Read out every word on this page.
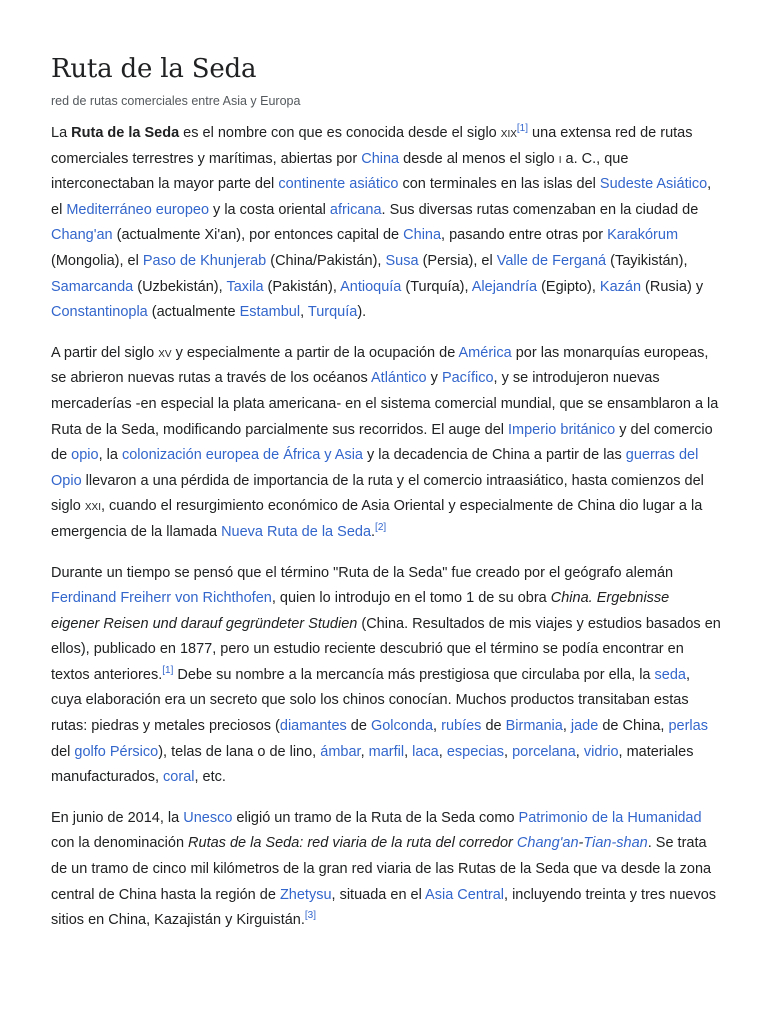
Ruta de la Seda
red de rutas comerciales entre Asia y Europa

La Ruta de la Seda es el nombre con que es conocida desde el siglo xix[1] una extensa red de rutas comerciales terrestres y marítimas, abiertas por China desde al menos el siglo i a. C., que interconectaban la mayor parte del continente asiático con terminales en las islas del Sudeste Asiático, el Mediterráneo europeo y la costa oriental africana. Sus diversas rutas comenzaban en la ciudad de Chang'an (actualmente Xi'an), por entonces capital de China, pasando entre otras por Karakórum (Mongolia), el Paso de Khunjerab (China/Pakistán), Susa (Persia), el Valle de Ferganá (Tayikistán), Samarcanda (Uzbekistán), Taxila (Pakistán), Antioquía (Turquía), Alejandría (Egipto), Kazán (Rusia) y Constantinopla (actualmente Estambul, Turquía).

A partir del siglo xv y especialmente a partir de la ocupación de América por las monarquías europeas, se abrieron nuevas rutas a través de los océanos Atlántico y Pacífico, y se introdujeron nuevas mercaderías -en especial la plata americana- en el sistema comercial mundial, que se ensamblaron a la Ruta de la Seda, modificando parcialmente sus recorridos. El auge del Imperio británico y del comercio de opio, la colonización europea de África y Asia y la decadencia de China a partir de las guerras del Opio llevaron a una pérdida de importancia de la ruta y el comercio intraasiático, hasta comienzos del siglo xxi, cuando el resurgimiento económico de Asia Oriental y especialmente de China dio lugar a la emergencia de la llamada Nueva Ruta de la Seda.[2]

Durante un tiempo se pensó que el término "Ruta de la Seda" fue creado por el geógrafo alemán Ferdinand Freiherr von Richthofen, quien lo introdujo en el tomo 1 de su obra China. Ergebnisse eigener Reisen und darauf gegründeter Studien (China. Resultados de mis viajes y estudios basados en ellos), publicado en 1877, pero un estudio reciente descubrió que el término se podía encontrar en textos anteriores.[1] Debe su nombre a la mercancía más prestigiosa que circulaba por ella, la seda, cuya elaboración era un secreto que solo los chinos conocían. Muchos productos transitaban estas rutas: piedras y metales preciosos (diamantes de Golconda, rubíes de Birmania, jade de China, perlas del golfo Pérsico), telas de lana o de lino, ámbar, marfil, laca, especias, porcelana, vidrio, materiales manufacturados, coral, etc.

En junio de 2014, la Unesco eligió un tramo de la Ruta de la Seda como Patrimonio de la Humanidad con la denominación Rutas de la Seda: red viaria de la ruta del corredor Chang'an-Tian-shan. Se trata de un tramo de cinco mil kilómetros de la gran red viaria de las Rutas de la Seda que va desde la zona central de China hasta la región de Zhetysu, situada en el Asia Central, incluyendo treinta y tres nuevos sitios en China, Kazajistán y Kirguistán.[3]
